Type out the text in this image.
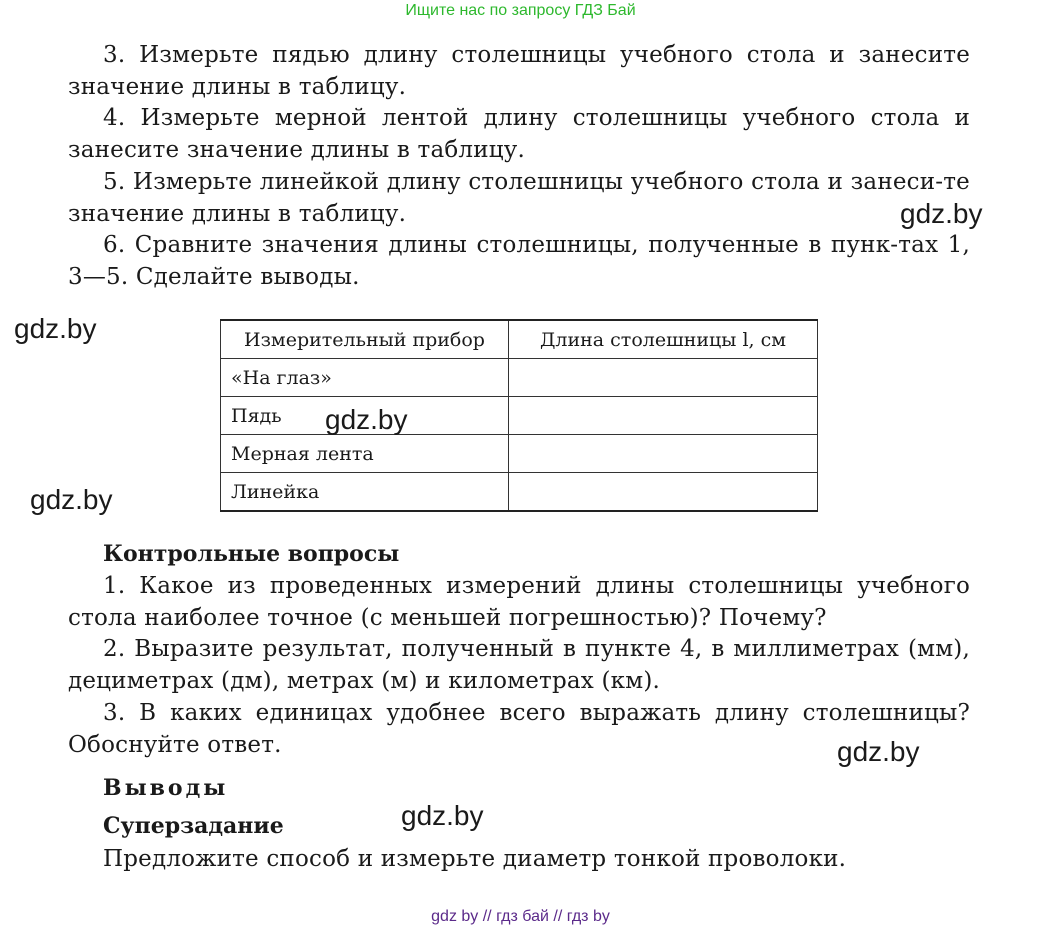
Ищите нас по запросу ГДЗ Бай

3. Измерьте пядью длину столешницы учебного стола и занесите значение длины в таблицу.

4. Измерьте мерной лентой длину столешницы учебного стола и занесите значение длины в таблицу.

5. Измерьте линейкой длину столешницы учебного стола и занеси-те значение длины в таблицу.

6. Сравните значения длины столешницы, полученные в пунк-тах 1, 3—5. Сделайте выводы.

Измерительный прибор	Длина столешницы l, см
«На глаз»	
Пядь	
Мерная лента	
Линейка	

Контрольные вопросы

1. Какое из проведенных измерений длины столешницы учебного стола наиболее точное (с меньшей погрешностью)? Почему?

2. Выразите результат, полученный в пункте 4, в миллиметрах (мм), дециметрах (дм), метрах (м) и километрах (км).

3. В каких единицах удобнее всего выражать длину столешницы? Обоснуйте ответ.

Выводы

Суперзадание

Предложите способ и измерьте диаметр тонкой проволоки.

gdz.by
gdz.by
gdz.by
gdz.by
gdz.by
gdz.by
gdz by // гдз бай // гдз by
